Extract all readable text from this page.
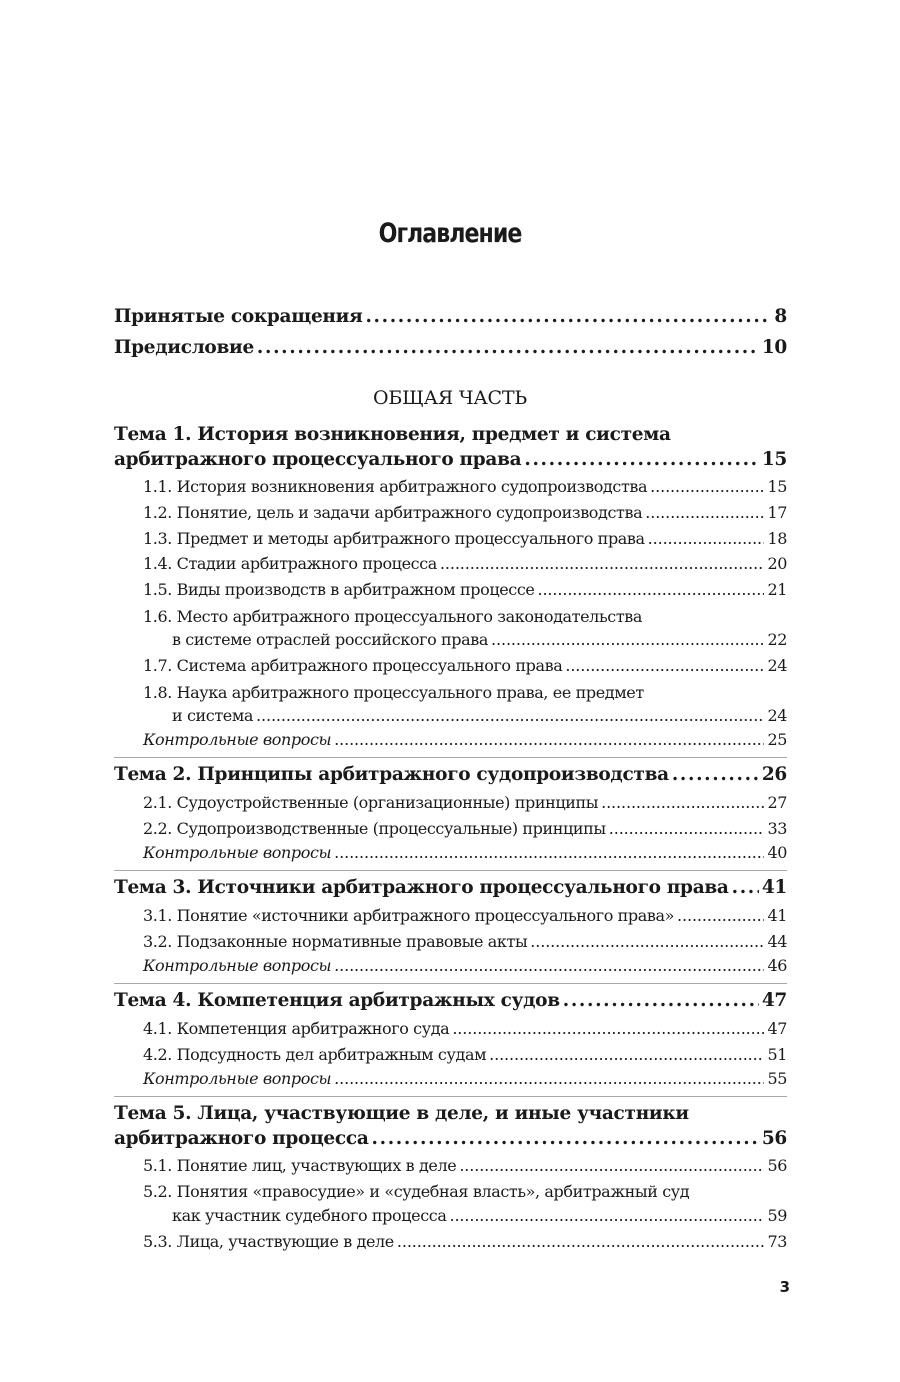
Оглавление
Принятые сокращения . . .	8
Предисловие . . .	10
Тема 1. История возникновения, предмет и система
арбитражного процессуального права . . .	15
1.1. История возникновения арбитражного судопроизводства . . .	15
1.2. Понятие, цель и задачи арбитражного судопроизводства . . .	17
1.3. Предмет и методы арбитражного процессуального права . . .	18
1.4. Стадии арбитражного процесса . . .	20
1.5. Виды производств в арбитражном процессе . . .	21
1.6. Место арбитражного процессуального законодательства
в системе отраслей российского права . . .	22
1.7. Система арбитражного процессуального права . . .	24
1.8. Наука арбитражного процессуального права, ее предмет
и система . . .	24
Контрольные вопросы . . .	25
Тема 2. Принципы арбитражного судопроизводства . . .	26
2.1. Судоустройственные (организационные) принципы . . .	27
2.2. Судопроизводственные (процессуальные) принципы . . .	33
Контрольные вопросы . . .	40
Тема 3. Источники арбитражного процессуального права . . . 41
3.1. Понятие «источники арбитражного процессуального права» . . .	41
3.2. Подзаконные нормативные правовые акты . . .	44
Контрольные вопросы . . .	46
Тема 4. Компетенция арбитражных судов . . .	47
4.1. Компетенция арбитражного суда . . .	47
4.2. Подсудность дел арбитражным судам . . .	51
Контрольные вопросы . . .	55
Тема 5. Лица, участвующие в деле, и иные участники
арбитражного процесса . . .	56
5.1. Понятие лиц, участвующих в деле . . .	56
5.2. Понятия «правосудие» и «судебная власть», арбитражный суд
как участник судебного процесса . . .	59
5.3. Лица, участвующие в деле . . .	73
ОБЩАЯ ЧАСТЬ
3
